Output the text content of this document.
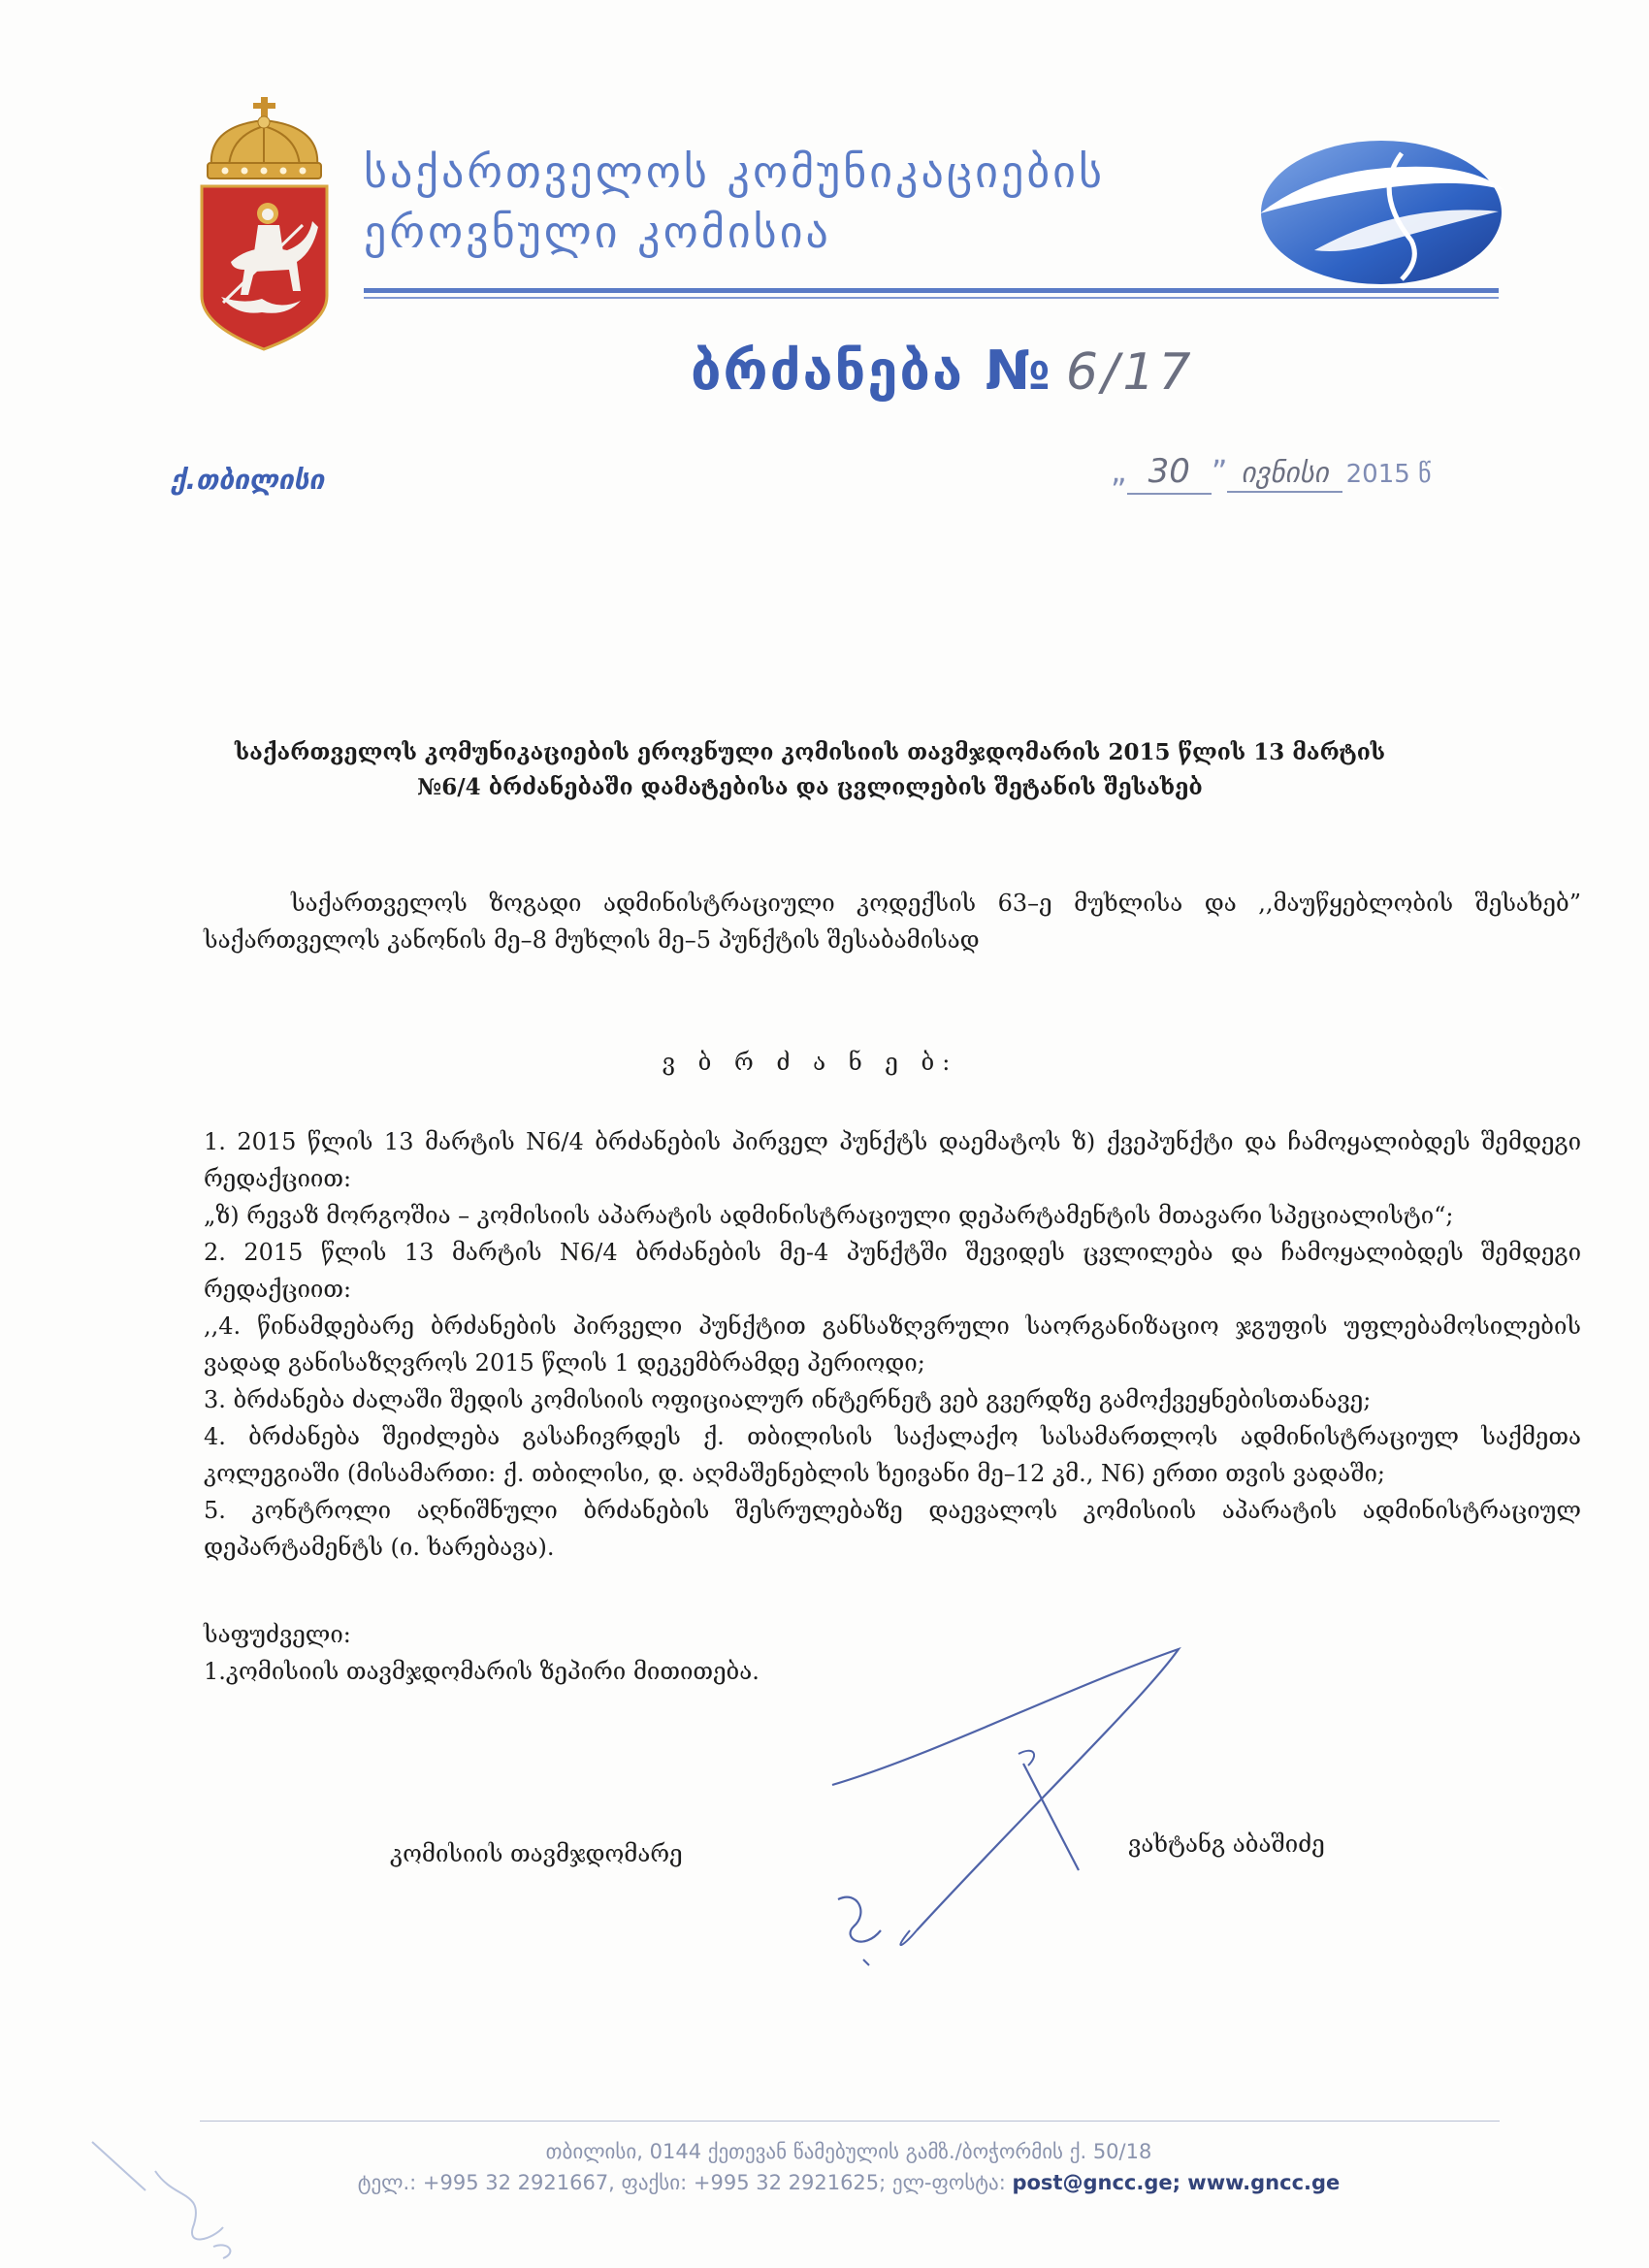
საქართველოს კომუნიკაციების
ეროვნული კომისია
ბრძანება № 6/17
ქ.თბილისი	„ 30 ” ივნისი 2015 წ
საქართველოს კომუნიკაციების ეროვნული კომისიის თავმჯდომარის 2015 წლის 13 მარტის
№6/4 ბრძანებაში დამატებისა და ცვლილების შეტანის შესახებ

საქართველოს ზოგადი ადმინისტრაციული კოდექსის 63–ე მუხლისა და ,,მაუწყებლობის შესახებ” საქართველოს კანონის მე–8 მუხლის მე–5 პუნქტის შესაბამისად

ვ ბ რ ძ ა ნ ე ბ:

1. 2015 წლის 13 მარტის N6/4 ბრძანების პირველ პუნქტს დაემატოს ზ) ქვეპუნქტი და ჩამოყალიბდეს შემდეგი რედაქციით:

„ზ) რევაზ მორგოშია – კომისიის აპარატის ადმინისტრაციული დეპარტამენტის მთავარი სპეციალისტი“;

2. 2015 წლის 13 მარტის N6/4 ბრძანების მე-4 პუნქტში შევიდეს ცვლილება და ჩამოყალიბდეს შემდეგი რედაქციით:

,,4. წინამდებარე ბრძანების პირველი პუნქტით განსაზღვრული საორგანიზაციო ჯგუფის უფლებამოსილების ვადად განისაზღვროს 2015 წლის 1 დეკემბრამდე პერიოდი;

3. ბრძანება ძალაში შედის კომისიის ოფიციალურ ინტერნეტ ვებ გვერდზე გამოქვეყნებისთანავე;

4. ბრძანება შეიძლება გასაჩივრდეს ქ. თბილისის საქალაქო სასამართლოს ადმინისტრაციულ საქმეთა კოლეგიაში (მისამართი: ქ. თბილისი, დ. აღმაშენებლის ხეივანი მე–12 კმ., N6) ერთი თვის ვადაში;

5. კონტროლი აღნიშნული ბრძანების შესრულებაზე დაევალოს კომისიის აპარატის ადმინისტრაციულ დეპარტამენტს (ი. ხარებავა).

საფუძველი:
1.კომისიის თავმჯდომარის ზეპირი მითითება.
კომისიის თავმჯდომარე	ვახტანგ აბაშიძე
თბილისი, 0144 ქეთევან წამებულის გამზ./ბოჭორმის ქ. 50/18
ტელ.: +995 32 2921667, ფაქსი: +995 32 2921625; ელ-ფოსტა: post@gncc.ge; www.gncc.ge
